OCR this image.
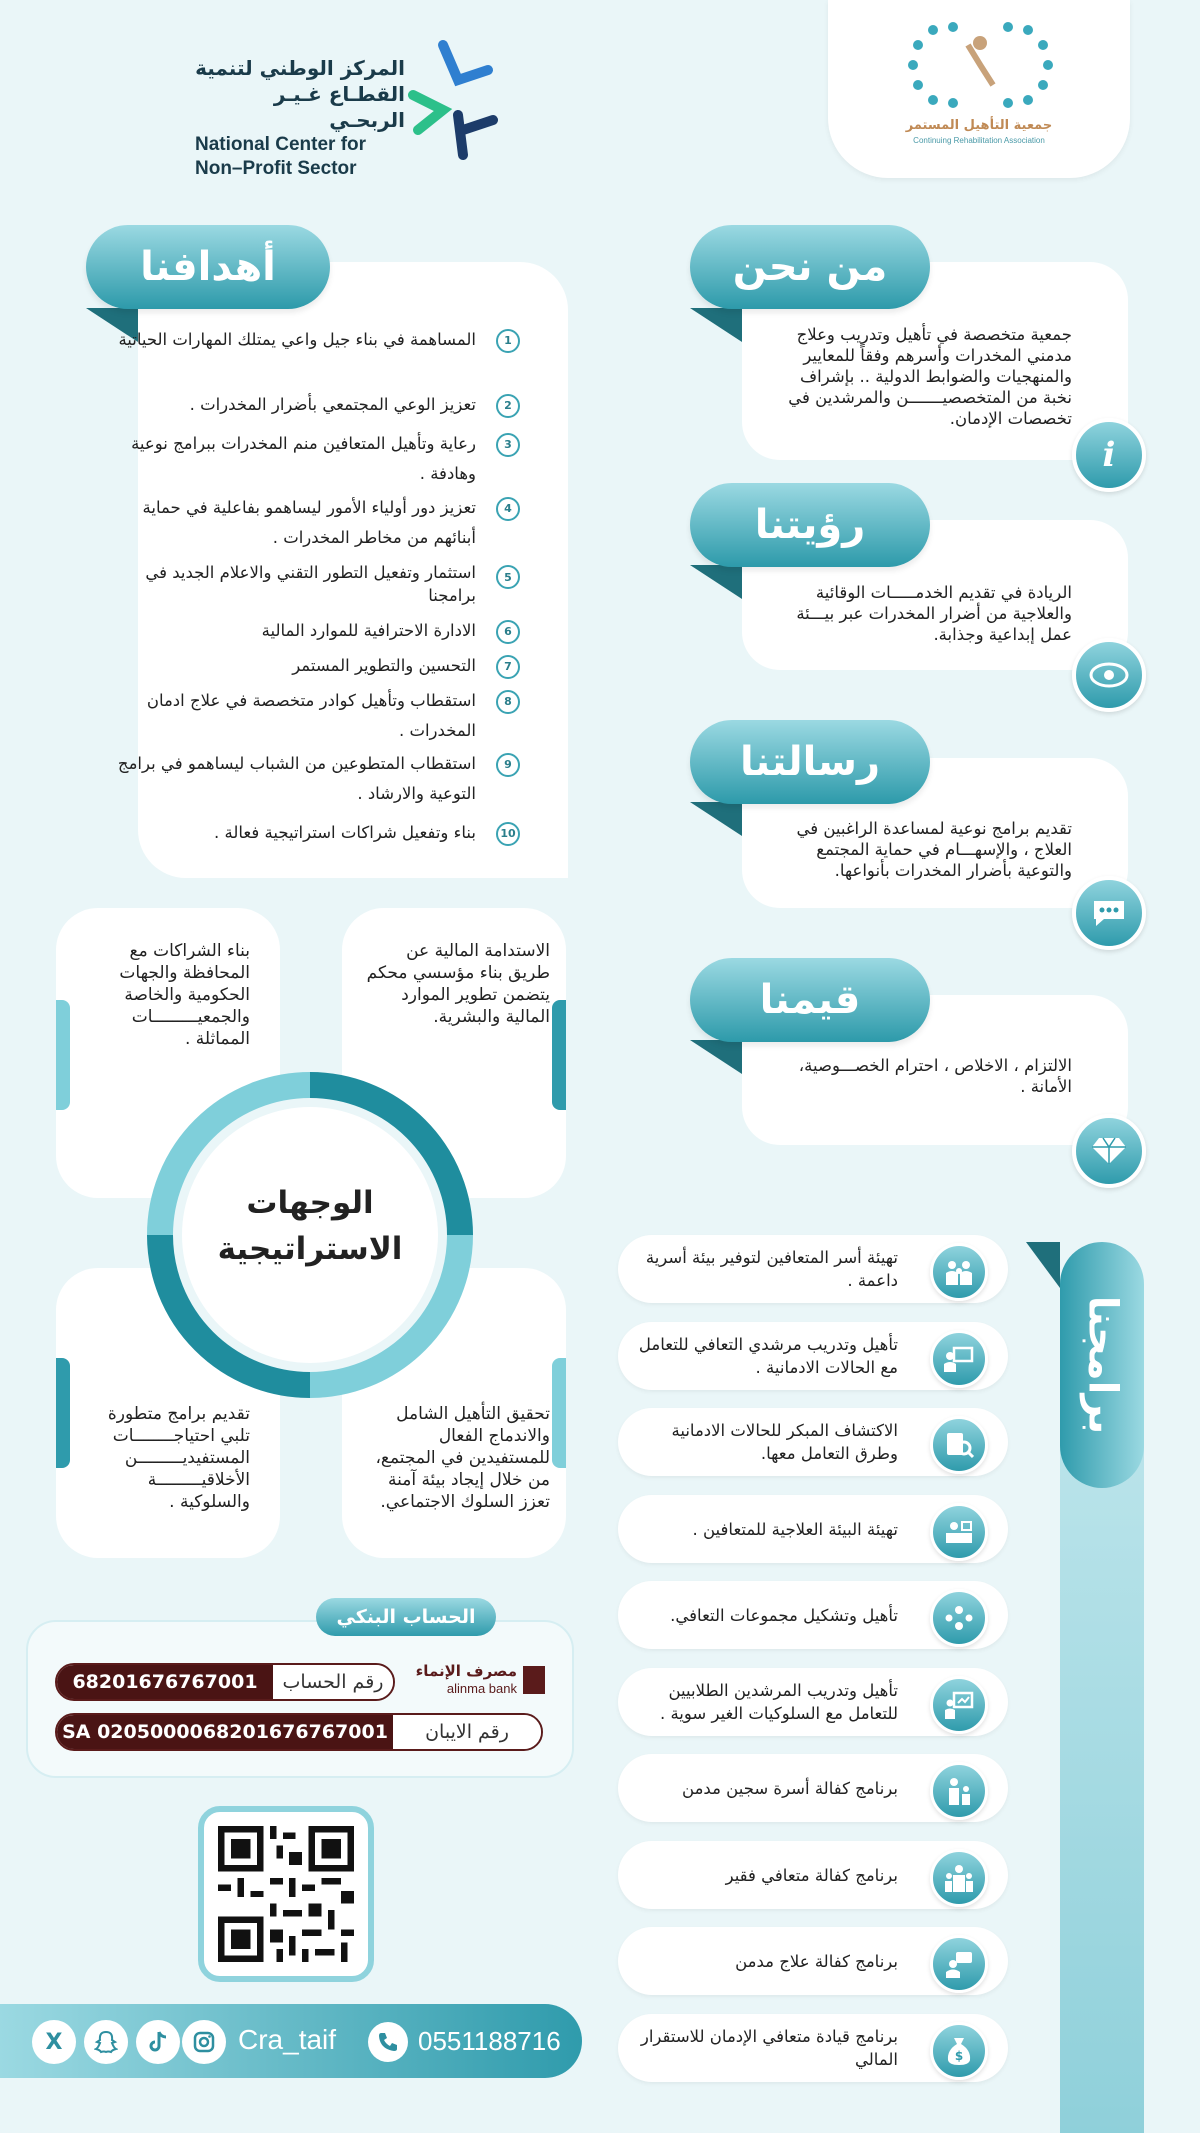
المركز الوطني لتنمية
القطـاع غـيـر الربحـي
National Center for
Non–Profit Sector
جمعية التأهيل المستمر
Continuing Rehabilitation Association
من نحن
جمعية متخصصة في تأهيل وتدريب وعلاج مدمني المخدرات وأسرهم وفقاً للمعايير والمنهجيات والضوابط الدولية .. بإشراف نخبة من المتخصصيـــــــن والمرشدين في تخصصات الإدمان.
i
رؤيتنا
الريادة في تقديم الخدمـــــات الوقائية والعلاجية من أضرار المخدرات عبر بيـــئة عمل إبداعية وجذابة.
رسالتنا
تقديم برامج نوعية لمساعدة الراغبين في العلاج ، والإسهـــام في حماية المجتمع والتوعية بأضرار المخدرات بأنواعها.
قيمنا
الالتزام ، الاخلاص ، احترام الخصـــوصية، الأمانة .
أهدافنا
1
المساهمة في بناء جيل واعي يمتلك المهارات الحياتية
2
تعزيز الوعي المجتمعي بأضرار المخدرات .
3
رعاية وتأهيل المتعافين منم المخدرات ببرامج نوعية وهادفة .
4
تعزيز دور أولياء الأمور ليساهمو بفاعلية في حماية أبنائهم من مخاطر المخدرات .
5
استثمار وتفعيل التطور التقني والاعلام الجديد في برامجنا
6
الادارة الاحترافية للموارد المالية
7
التحسين والتطوير المستمر
8
استقطاب وتأهيل كوادر متخصصة في علاج ادمان المخدرات .
9
استقطاب المتطوعين من الشباب ليساهمو في برامج التوعية والارشاد .
10
بناء وتفعيل شراكات استراتيجية فعالة .
بناء الشراكات مع المحافظة والجهات الحكومية والخاصة والجمعيـــــــــات المماثلة .
الاستدامة المالية عن طريق بناء مؤسسي محكم يتضمن تطوير الموارد المالية والبشرية.
تقديم برامج متطورة تلبي احتياجــــــــات المستفيديـــــــــن الأخلاقيـــــــــة والسلوكية .
تحقيق التأهيل الشامل والاندماج الفعال للمستفيدين في المجتمع، من خلال إيجاد بيئة آمنة تعزز السلوك الاجتماعي.
الوجهات
الاستراتيجية
برامجنا
تهيئة أسر المتعافين لتوفير بيئة أسرية داعمة .
تأهيل وتدريب مرشدي التعافي للتعامل مع الحالات الادمانية .
الاكتشاف المبكر للحالات الادمانية وطرق التعامل معها.
تهيئة البيئة العلاجية للمتعافين .
تأهيل وتشكيل مجموعات التعافي.
تأهيل وتدريب المرشدين الطلابيين للتعامل مع السلوكيات الغير سوية .
برنامج كفالة أسرة سجين مدمن
برنامج كفالة متعافي فقير
برنامج كفالة علاج مدمن
برنامج قيادة متعافي الإدمان للاستقرار المالي	$
الحساب البنكي
مصرف الإنماء
alinma bank
رقم الحساب
68201676767001
رقم الايبان
SA 0205000068201676767001
X	Cra_taif	0551188716
